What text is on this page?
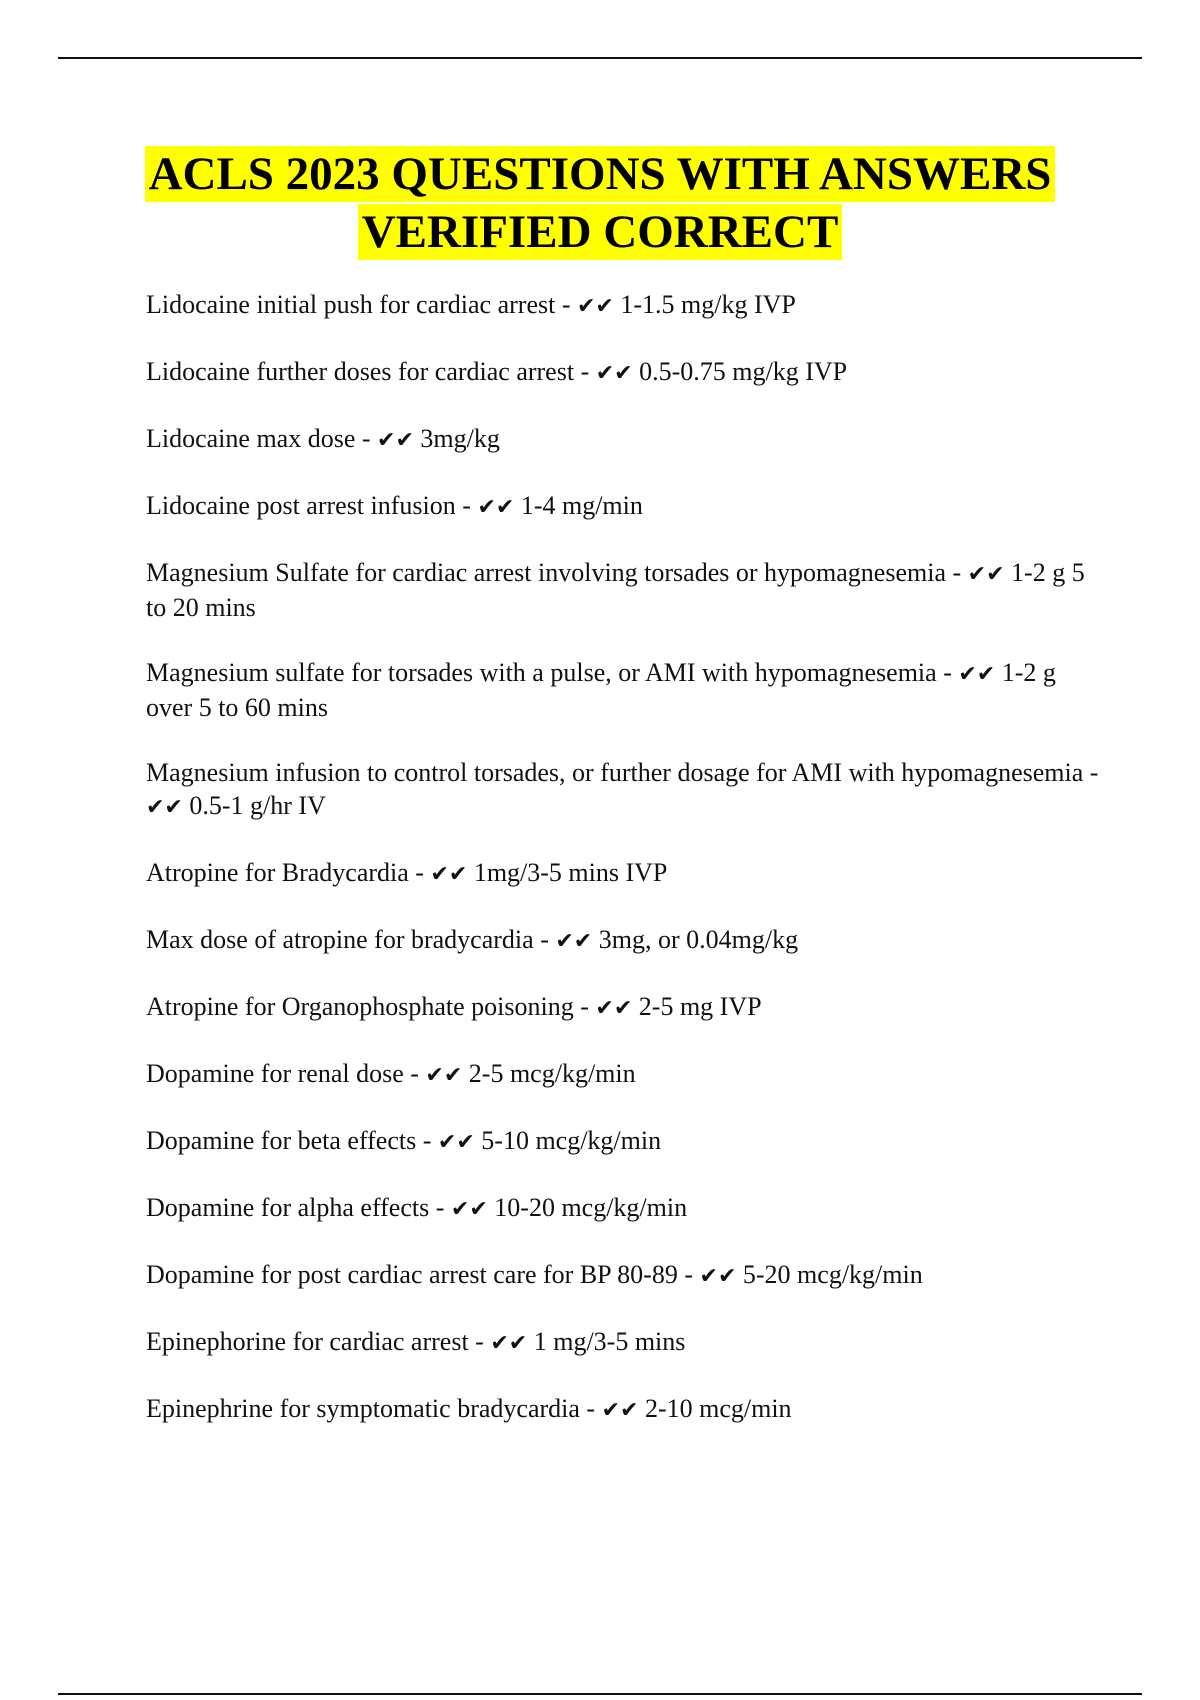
ACLS 2023 QUESTIONS WITH ANSWERS
VERIFIED CORRECT
Lidocaine initial push for cardiac arrest - ✔✔ 1-1.5 mg/kg IVP
Lidocaine further doses for cardiac arrest - ✔✔ 0.5-0.75 mg/kg IVP
Lidocaine max dose - ✔✔ 3mg/kg
Lidocaine post arrest infusion - ✔✔ 1-4 mg/min
Magnesium Sulfate for cardiac arrest involving torsades or hypomagnesemia - ✔✔ 1-2 g 5 to 20 mins
Magnesium sulfate for torsades with a pulse, or AMI with hypomagnesemia - ✔✔ 1-2 g over 5 to 60 mins
Magnesium infusion to control torsades, or further dosage for AMI with hypomagnesemia - ✔✔ 0.5-1 g/hr IV
Atropine for Bradycardia - ✔✔ 1mg/3-5 mins IVP
Max dose of atropine for bradycardia - ✔✔ 3mg, or 0.04mg/kg
Atropine for Organophosphate poisoning - ✔✔ 2-5 mg IVP
Dopamine for renal dose - ✔✔ 2-5 mcg/kg/min
Dopamine for beta effects - ✔✔ 5-10 mcg/kg/min
Dopamine for alpha effects - ✔✔ 10-20 mcg/kg/min
Dopamine for post cardiac arrest care for BP 80-89 - ✔✔ 5-20 mcg/kg/min
Epinephorine for cardiac arrest - ✔✔ 1 mg/3-5 mins
Epinephrine for symptomatic bradycardia - ✔✔ 2-10 mcg/min
